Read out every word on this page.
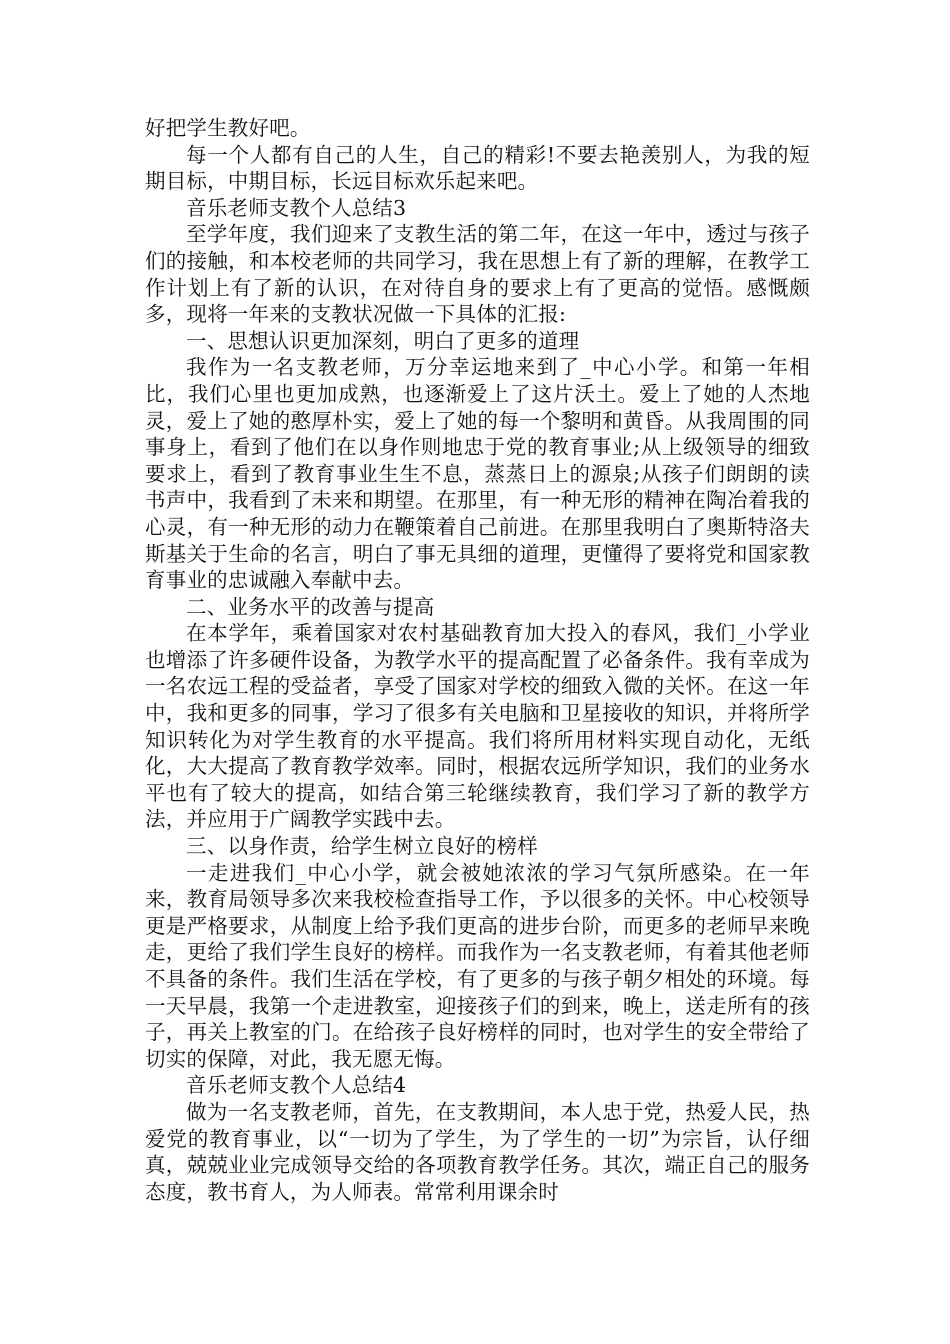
好把学生教好吧。

每一个人都有自己的人生，自己的精彩!不要去艳羡别人，为我的短期目标，中期目标，长远目标欢乐起来吧。

音乐老师支教个人总结3

至学年度，我们迎来了支教生活的第二年，在这一年中，透过与孩子们的接触，和本校老师的共同学习，我在思想上有了新的理解，在教学工作计划上有了新的认识，在对待自身的要求上有了更高的觉悟。感慨颇多，现将一年来的支教状况做一下具体的汇报:

一、思想认识更加深刻，明白了更多的道理

我作为一名支教老师，万分幸运地来到了_中心小学。和第一年相比，我们心里也更加成熟，也逐渐爱上了这片沃土。爱上了她的人杰地灵，爱上了她的憨厚朴实，爱上了她的每一个黎明和黄昏。从我周围的同事身上，看到了他们在以身作则地忠于党的教育事业;从上级领导的细致要求上，看到了教育事业生生不息，蒸蒸日上的源泉;从孩子们朗朗的读书声中，我看到了未来和期望。在那里，有一种无形的精神在陶冶着我的心灵，有一种无形的动力在鞭策着自己前进。在那里我明白了奥斯特洛夫斯基关于生命的名言，明白了事无具细的道理，更懂得了要将党和国家教育事业的忠诚融入奉献中去。

二、业务水平的改善与提高

在本学年，乘着国家对农村基础教育加大投入的春风，我们_小学业也增添了许多硬件设备，为教学水平的提高配置了必备条件。我有幸成为一名农远工程的受益者，享受了国家对学校的细致入微的关怀。在这一年中，我和更多的同事，学习了很多有关电脑和卫星接收的知识，并将所学知识转化为对学生教育的水平提高。我们将所用材料实现自动化，无纸化，大大提高了教育教学效率。同时，根据农远所学知识，我们的业务水平也有了较大的提高，如结合第三轮继续教育，我们学习了新的教学方法，并应用于广阔教学实践中去。

三、以身作责，给学生树立良好的榜样

一走进我们_中心小学，就会被她浓浓的学习气氛所感染。在一年来，教育局领导多次来我校检查指导工作，予以很多的关怀。中心校领导更是严格要求，从制度上给予我们更高的进步台阶，而更多的老师早来晚走，更给了我们学生良好的榜样。而我作为一名支教老师，有着其他老师不具备的条件。我们生活在学校，有了更多的与孩子朝夕相处的环境。每一天早晨，我第一个走进教室，迎接孩子们的到来，晚上，送走所有的孩子，再关上教室的门。在给孩子良好榜样的同时，也对学生的安全带给了切实的保障，对此，我无愿无悔。

音乐老师支教个人总结4

做为一名支教老师，首先，在支教期间，本人忠于党，热爱人民，热爱党的教育事业，以“一切为了学生，为了学生的一切”为宗旨，认仔细真，兢兢业业完成领导交给的各项教育教学任务。其次，端正自己的服务态度，教书育人，为人师表。常常利用课余时
